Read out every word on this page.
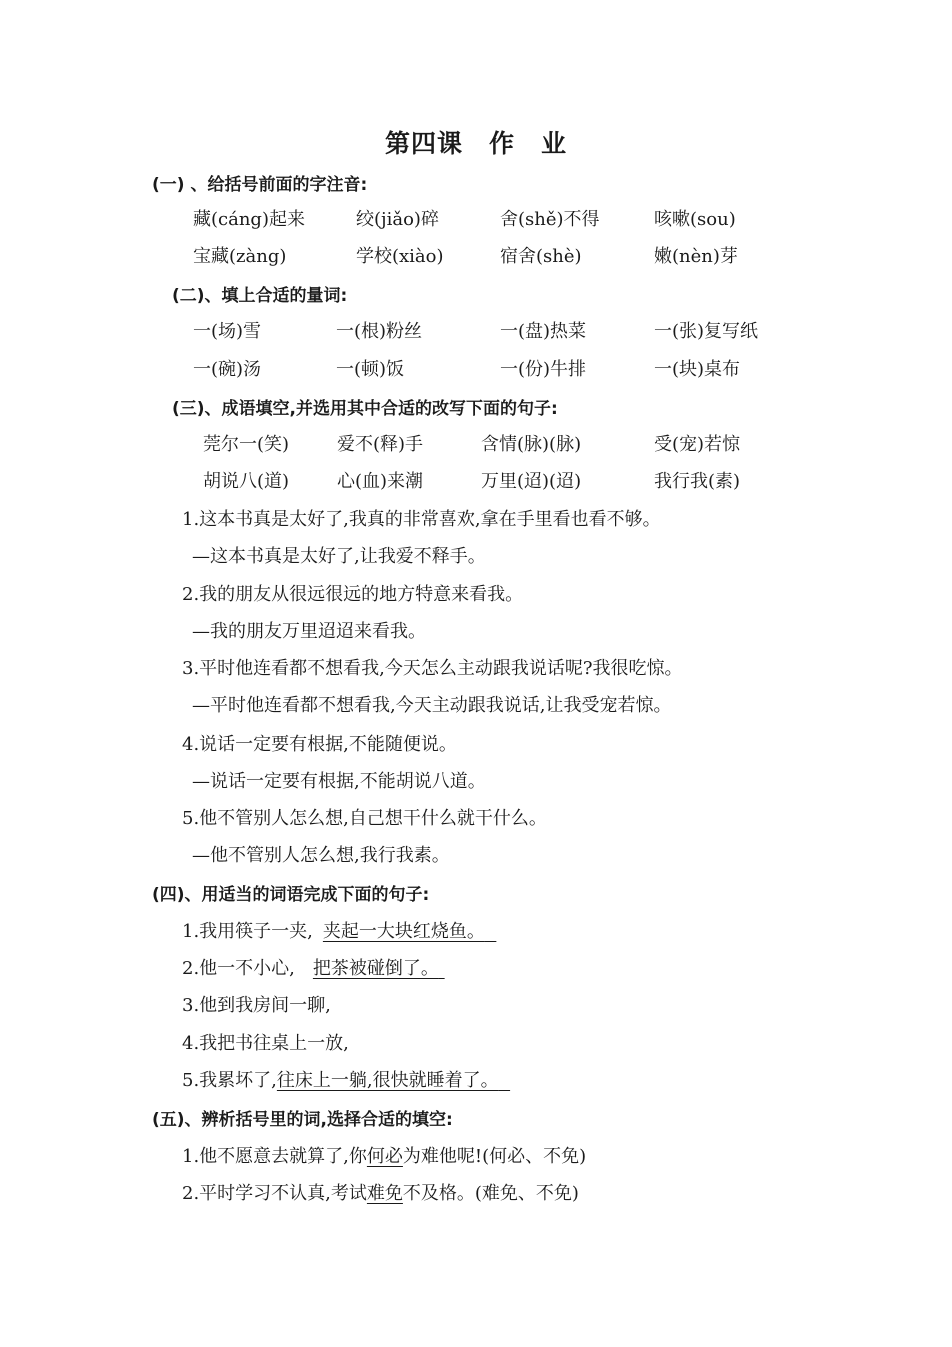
第四课 作 业
(一) 、给括号前面的字注音:
藏(cáng)起来	绞(jiǎo)碎	舍(shě)不得	咳嗽(sou)
宝藏(zàng)	学校(xiào)	宿舍(shè)	嫩(nèn)芽
(二)、填上合适的量词:
一(场)雪	一(根)粉丝	一(盘)热菜	一(张)复写纸
一(碗)汤	一(顿)饭	一(份)牛排	一(块)桌布
(三)、成语填空,并选用其中合适的改写下面的句子:
莞尔一(笑)	爱不(释)手	含情(脉)(脉)	受(宠)若惊
胡说八(道)	心(血)来潮	万里(迢)(迢)	我行我(素)
1.这本书真是太好了,我真的非常喜欢,拿在手里看也看不够。
—这本书真是太好了,让我爱不释手。
2.我的朋友从很远很远的地方特意来看我。
—我的朋友万里迢迢来看我。
3.平时他连看都不想看我,今天怎么主动跟我说话呢?我很吃惊。
—平时他连看都不想看我,今天主动跟我说话,让我受宠若惊。
4.说话一定要有根据,不能随便说。
—说话一定要有根据,不能胡说八道。
5.他不管别人怎么想,自己想干什么就干什么。
—他不管别人怎么想,我行我素。
(四)、用适当的词语完成下面的句子:
1.我用筷子一夹, 夹起一大块红烧鱼。
2.他一不小心, 把茶被碰倒了。
3.他到我房间一聊,
4.我把书往桌上一放,
5.我累坏了,往床上一躺,很快就睡着了。
(五)、辨析括号里的词,选择合适的填空:
1.他不愿意去就算了,你何必为难他呢!(何必、不免)
2.平时学习不认真,考试难免不及格。(难免、不免)
